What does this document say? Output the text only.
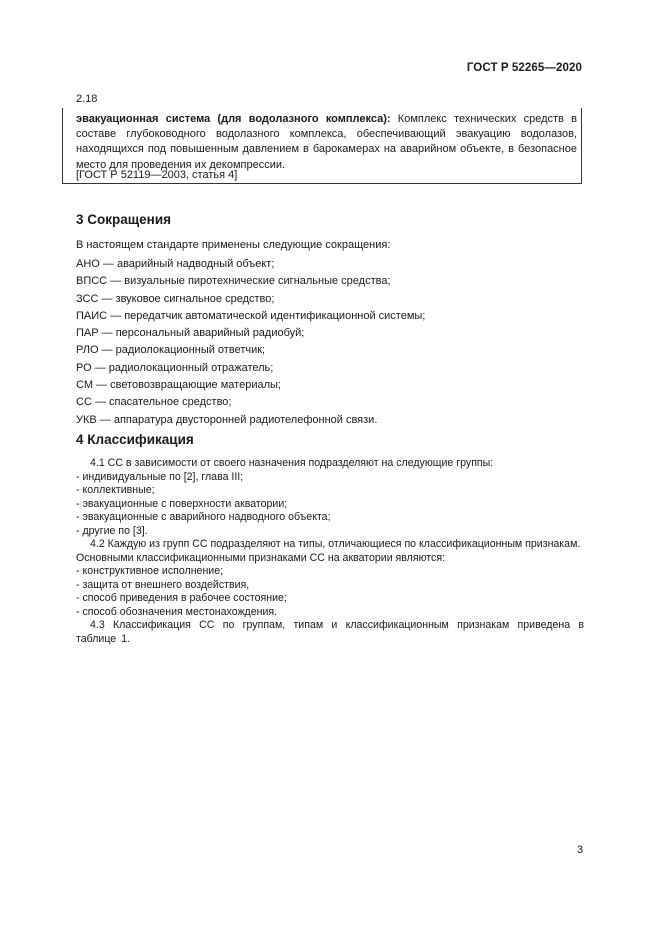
ГОСТ Р 52265—2020
2.18
эвакуационная система (для водолазного комплекса): Комплекс технических средств в составе глубоководного водолазного комплекса, обеспечивающий эвакуацию водолазов, находящихся под повышенным давлением в барокамерах на аварийном объекте, в безопасное место для проведения их декомпрессии.
[ГОСТ Р 52119—2003, статья 4]
3 Сокращения
В настоящем стандарте применены следующие сокращения:
АНО — аварийный надводный объект;
ВПСС — визуальные пиротехнические сигнальные средства;
ЗСС — звуковое сигнальное средство;
ПАИС — передатчик автоматической идентификационной системы;
ПАР — персональный аварийный радиобуй;
РЛО — радиолокационный ответчик;
РО — радиолокационный отражатель;
СМ — световозвращающие материалы;
СС — спасательное средство;
УКВ — аппаратура двусторонней радиотелефонной связи.
4 Классификация

4.1 СС в зависимости от своего назначения подразделяют на следующие группы:

- индивидуальные по [2], глава III;

- коллективные;

- эвакуационные с поверхности акватории;

- эвакуационные с аварийного надводного объекта;

- другие по [3].

4.2 Каждую из групп СС подразделяют на типы, отличающиеся по классификационным признакам.

Основными классификационными признаками СС на акватории являются:

- конструктивное исполнение;

- защита от внешнего воздействия,

- способ приведения в рабочее состояние;

- способ обозначения местонахождения.

4.3 Классификация СС по группам, типам и классификационным признакам приведена в таблице 1.

3
